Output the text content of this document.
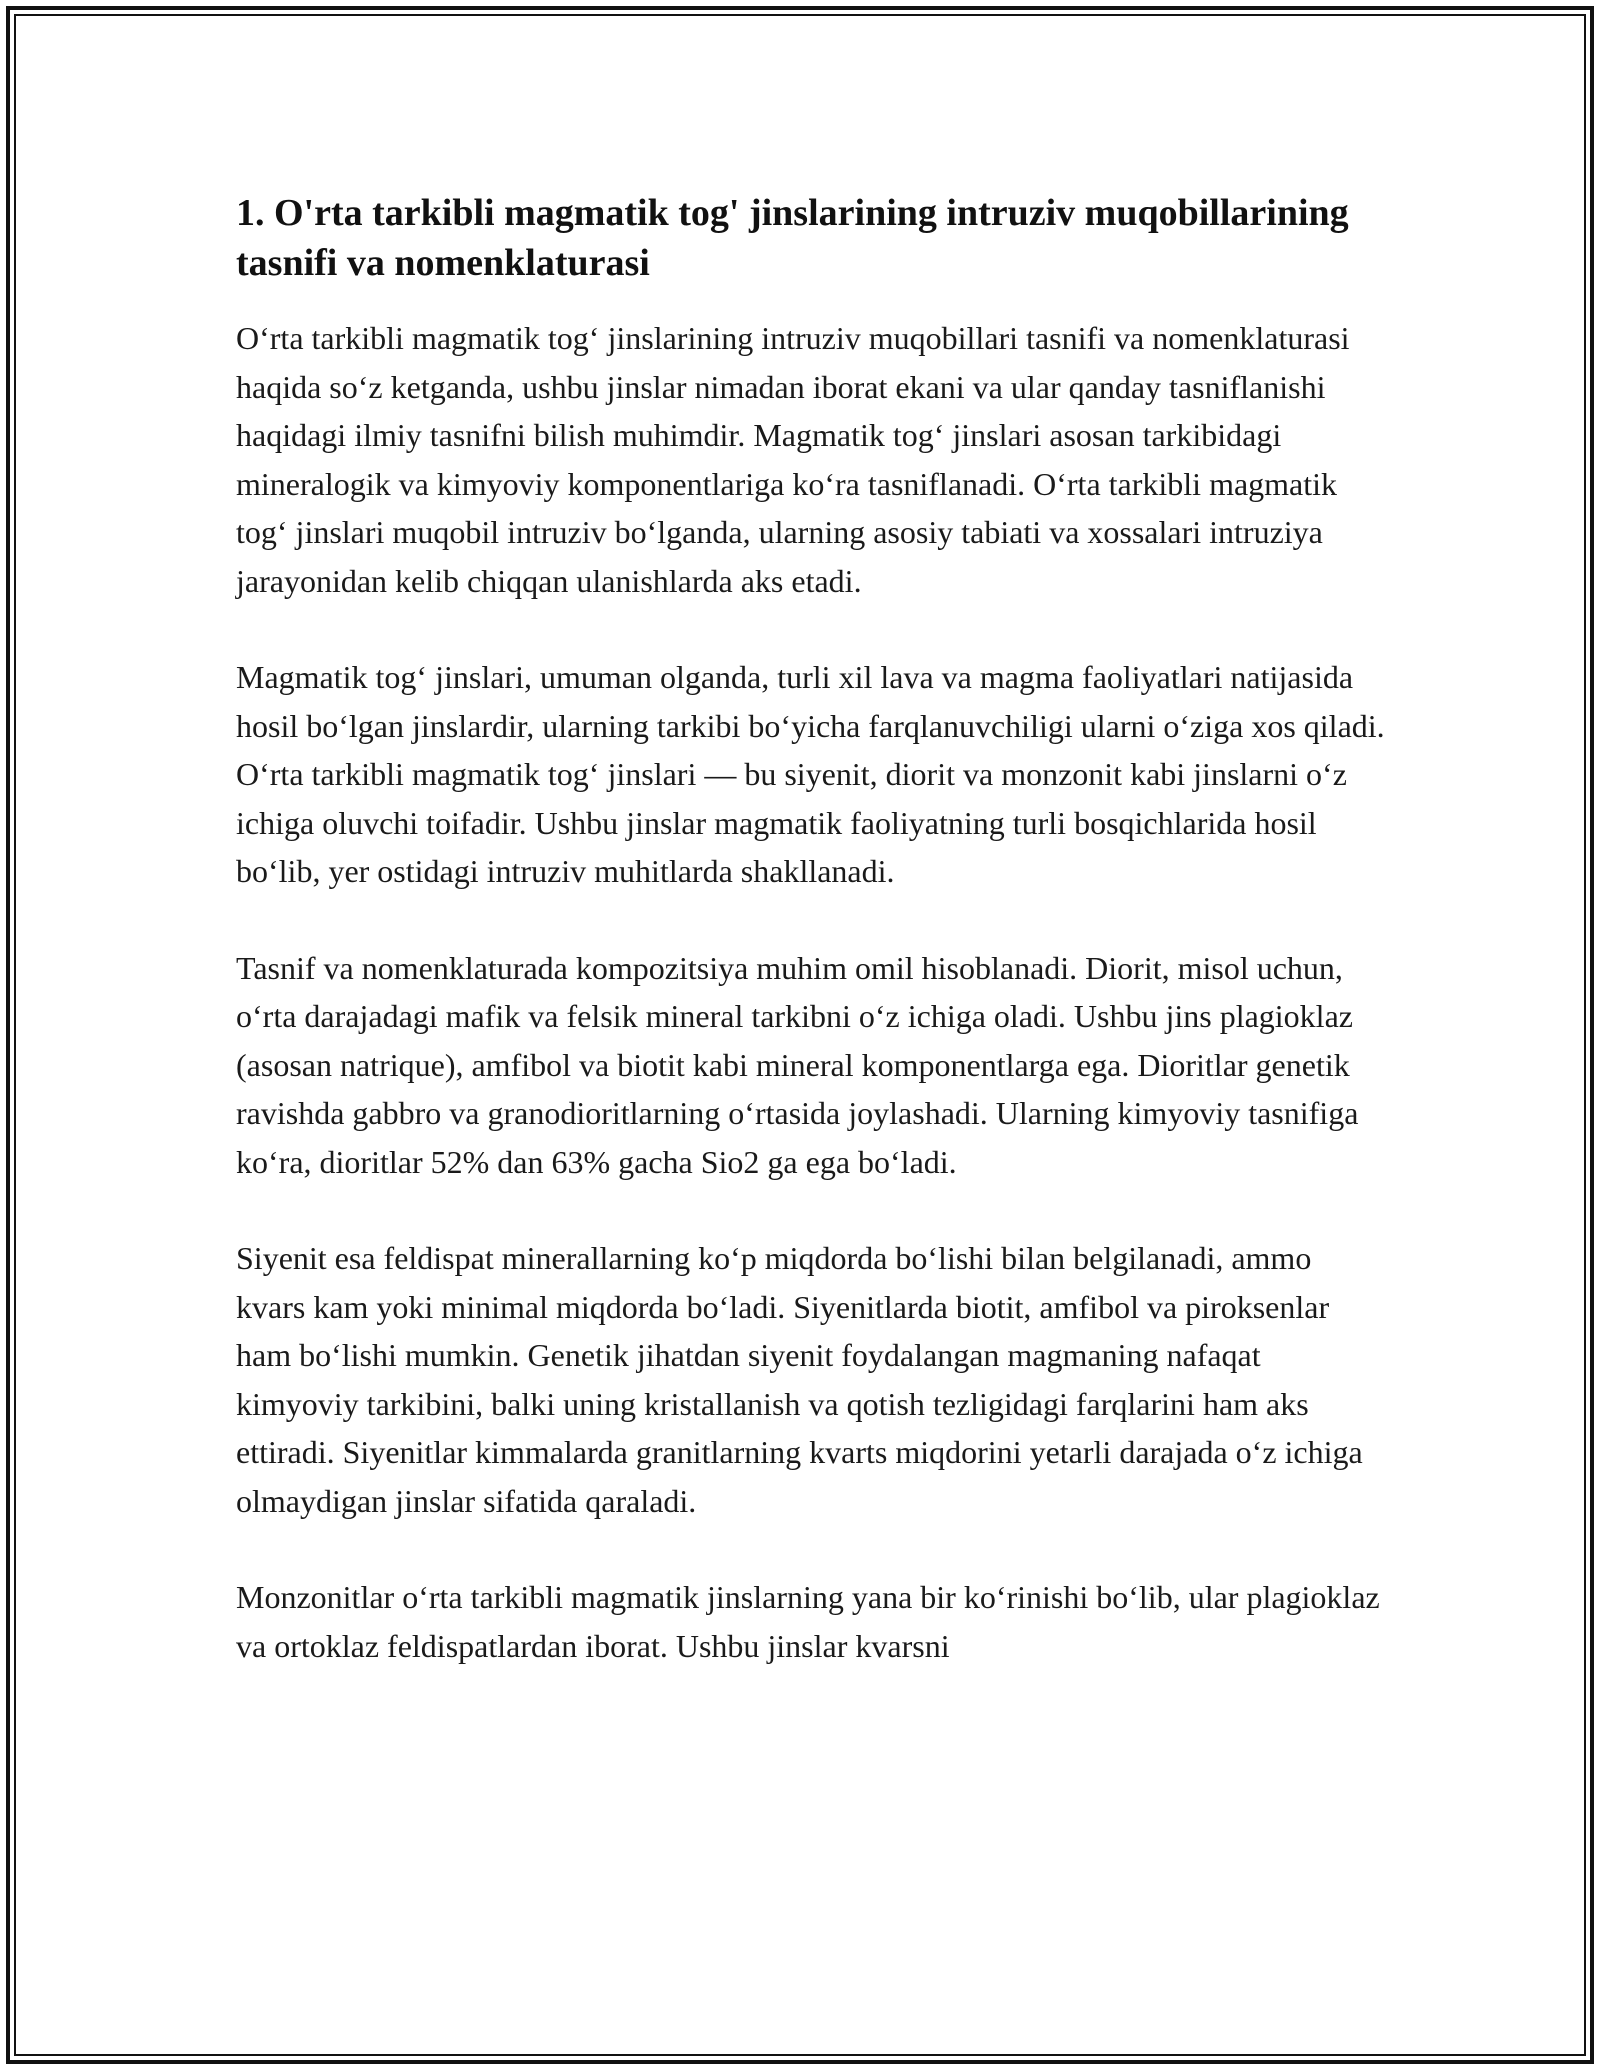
1. O'rta tarkibli magmatik tog' jinslarining intruziv muqobillarining tasnifi va nomenklaturasi

O‘rta tarkibli magmatik tog‘ jinslarining intruziv muqobillari tasnifi va nomenklaturasi haqida so‘z ketganda, ushbu jinslar nimadan iborat ekani va ular qanday tasniflanishi haqidagi ilmiy tasnifni bilish muhimdir. Magmatik tog‘ jinslari asosan tarkibidagi mineralogik va kimyoviy komponentlariga ko‘ra tasniflanadi. O‘rta tarkibli magmatik tog‘ jinslari muqobil intruziv bo‘lganda, ularning asosiy tabiati va xossalari intruziya jarayonidan kelib chiqqan ulanishlarda aks etadi.

Magmatik tog‘ jinslari, umuman olganda, turli xil lava va magma faoliyatlari natijasida hosil bo‘lgan jinslardir, ularning tarkibi bo‘yicha farqlanuvchiligi ularni o‘ziga xos qiladi. O‘rta tarkibli magmatik tog‘ jinslari — bu siyenit, diorit va monzonit kabi jinslarni o‘z ichiga oluvchi toifadir. Ushbu jinslar magmatik faoliyatning turli bosqichlarida hosil bo‘lib, yer ostidagi intruziv muhitlarda shakllanadi.

Tasnif va nomenklaturada kompozitsiya muhim omil hisoblanadi. Diorit, misol uchun, o‘rta darajadagi mafik va felsik mineral tarkibni o‘z ichiga oladi. Ushbu jins plagioklaz (asosan natrique), amfibol va biotit kabi mineral komponentlarga ega. Dioritlar genetik ravishda gabbro va granodioritlarning o‘rtasida joylashadi. Ularning kimyoviy tasnifiga ko‘ra, dioritlar 52% dan 63% gacha Sio2 ga ega bo‘ladi.

Siyenit esa feldispat minerallarning ko‘p miqdorda bo‘lishi bilan belgilanadi, ammo kvars kam yoki minimal miqdorda bo‘ladi. Siyenitlarda biotit, amfibol va piroksenlar ham bo‘lishi mumkin. Genetik jihatdan siyenit foydalangan magmaning nafaqat kimyoviy tarkibini, balki uning kristallanish va qotish tezligidagi farqlarini ham aks ettiradi. Siyenitlar kimmalarda granitlarning kvarts miqdorini yetarli darajada o‘z ichiga olmaydigan jinslar sifatida qaraladi.

Monzonitlar o‘rta tarkibli magmatik jinslarning yana bir ko‘rinishi bo‘lib, ular plagioklaz va ortoklaz feldispatlardan iborat. Ushbu jinslar kvarsni
